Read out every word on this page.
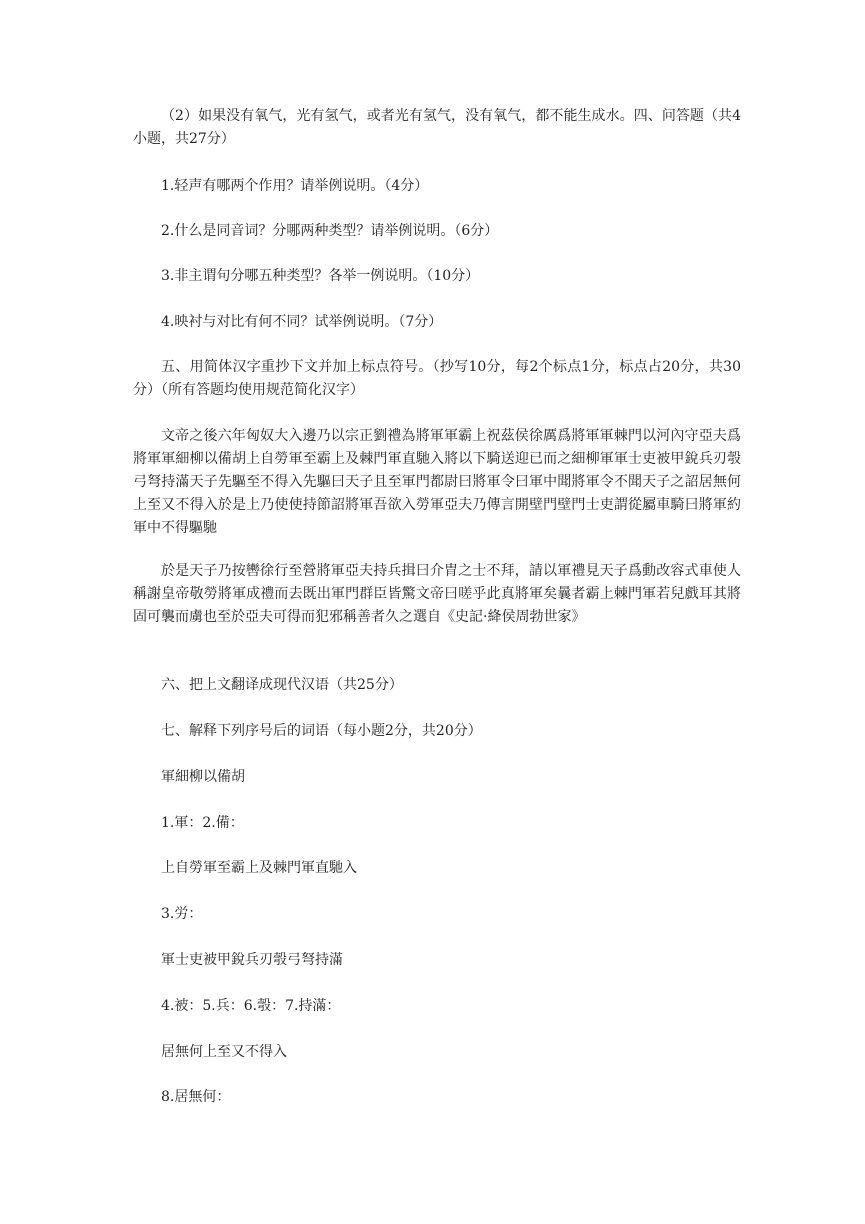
（2）如果没有氧气，光有氢气，或者光有氢气，没有氧气，都不能生成水。四、问答题（共4小题，共27分）

1.轻声有哪两个作用？请举例说明。（4分）

2.什么是同音词？分哪两种类型？请举例说明。（6分）

3.非主谓句分哪五种类型？各举一例说明。（10分）

4.映衬与对比有何不同？试举例说明。（7分）

五、用简体汉字重抄下文并加上标点符号。（抄写10分，每2个标点1分，标点占20分，共30分）（所有答题均使用规范简化汉字）

文帝之後六年匈奴大入邊乃以宗正劉禮為將軍軍霸上祝茲侯徐厲爲將軍軍棘門以河內守亞夫爲將軍軍細柳以備胡上自勞軍至霸上及棘門軍直馳入將以下騎送迎已而之細柳軍軍士吏被甲銳兵刃彀弓弩持滿天子先驅至不得入先驅曰天子且至軍門都尉曰將軍令曰軍中聞將軍令不聞天子之詔居無何上至又不得入於是上乃使使持節詔將軍吾欲入勞軍亞夫乃傳言開壁門壁門士吏謂從屬車騎曰將軍約軍中不得驅馳

於是天子乃按轡徐行至營將軍亞夫持兵揖曰介胄之士不拜，請以軍禮見天子爲動改容式車使人稱謝皇帝敬勞將軍成禮而去既出軍門群臣皆驚文帝曰嗟乎此真將軍矣曩者霸上棘門軍若兒戲耳其將固可襲而虜也至於亞夫可得而犯邪稱善者久之選自《史記·絳侯周勃世家》

六、把上文翻译成现代汉语（共25分）

七、解释下列序号后的词语（每小题2分，共20分）

軍細柳以備胡

1.軍：2.備：

上自勞軍至霸上及棘門軍直馳入

3.労：

軍士吏被甲銳兵刃彀弓弩持滿

4.被：5.兵：6.彀：7.持滿：

居無何上至又不得入

8.居無何：
